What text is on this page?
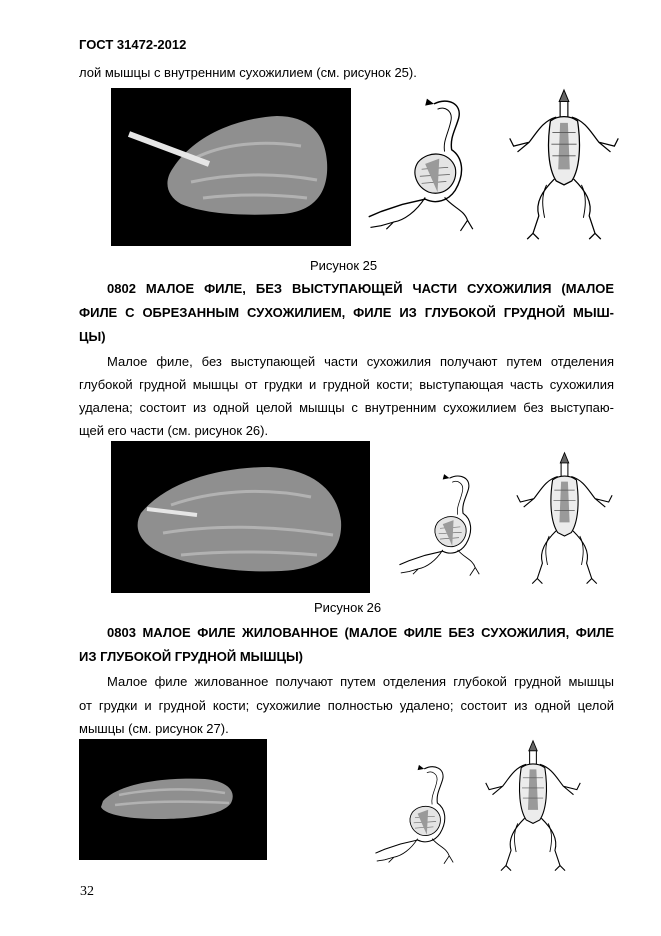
ГОСТ 31472-2012
лой мышцы с внутренним сухожилием (см. рисунок 25).
Рисунок 25
0802 МАЛОЕ ФИЛЕ, БЕЗ ВЫСТУПАЮЩЕЙ ЧАСТИ СУХОЖИЛИЯ (МАЛОЕ
ФИЛЕ С ОБРЕЗАННЫМ СУХОЖИЛИЕМ, ФИЛЕ ИЗ ГЛУБОКОЙ ГРУДНОЙ МЫШ-
ЦЫ)
Малое филе, без выступающей части сухожилия получают путем отделения
глубокой грудной мышцы от грудки и грудной кости; выступающая часть сухожилия
удалена; состоит из одной целой мышцы с внутренним сухожилием без выступаю-
щей его части (см. рисунок 26).
Рисунок 26
0803 МАЛОЕ ФИЛЕ ЖИЛОВАННОЕ (МАЛОЕ ФИЛЕ БЕЗ СУХОЖИЛИЯ, ФИЛЕ
ИЗ ГЛУБОКОЙ ГРУДНОЙ МЫШЦЫ)
Малое филе жилованное получают путем отделения глубокой грудной мышцы
от грудки и грудной кости; сухожилие полностью удалено; состоит из одной целой
мышцы (см. рисунок 27).
32
